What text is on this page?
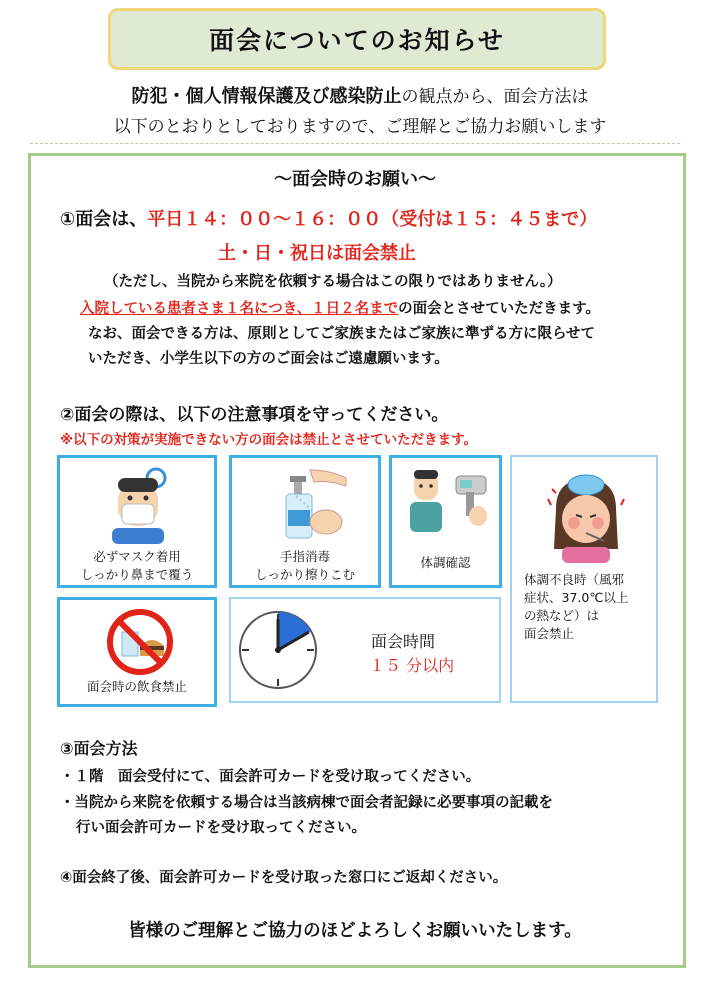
面会についてのお知らせ
防犯・個人情報保護及び感染防止の観点から、面会方法は
以下のとおりとしておりますので、ご理解とご協力お願いします
～面会時のお願い～
①面会は、平日１４：００～１６：００（受付は１５：４５まで）
土・日・祝日は面会禁止
（ただし、当院から来院を依頼する場合はこの限りではありません。）
入院している患者さま１名につき、１日２名までの面会とさせていただきます。
なお、面会できる方は、原則としてご家族またはご家族に準ずる方に限らせて
いただき、小学生以下の方のご面会はご遠慮願います。
②面会の際は、以下の注意事項を守ってください。
※以下の対策が実施できない方の面会は禁止とさせていただきます。
必ずマスク着用
しっかり鼻まで覆う
手指消毒
しっかり擦りこむ
体調確認
体調不良時（風邪
症状、37.0℃以上
の熱など）は
面会禁止
面会時の飲食禁止
面会時間
１５ 分以内
③面会方法
・１階　面会受付にて、面会許可カードを受け取ってください。
・当院から来院を依頼する場合は当該病棟で面会者記録に必要事項の記載を
行い面会許可カードを受け取ってください。
④面会終了後、面会許可カードを受け取った窓口にご返却ください。
皆様のご理解とご協力のほどよろしくお願いいたします。
